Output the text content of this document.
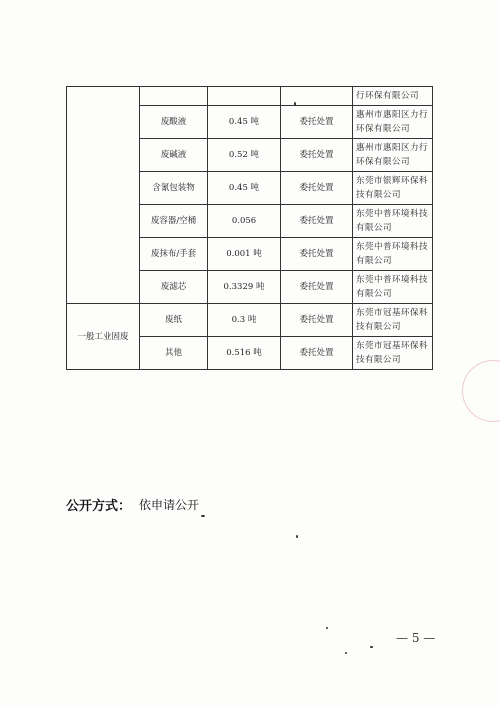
				行环保有限公司
	废酸液	0.45 吨	委托处置	惠州市惠阳区力行环保有限公司
	废碱液	0.52 吨	委托处置	惠州市惠阳区力行环保有限公司
	含氰包装物	0.45 吨	委托处置	东莞市银辉环保科技有限公司
	废容器/空桶	0.056	委托处置	东莞中普环境科技有限公司
	废抹布/手套	0.001 吨	委托处置	东莞中普环境科技有限公司
	废滤芯	0.3329 吨	委托处置	东莞中普环境科技有限公司
一般工业固废	废纸	0.3 吨	委托处置	东莞市冠基环保科技有限公司
	其他	0.516 吨	委托处置	东莞市冠基环保科技有限公司
公开方式： 依申请公开
— 5 —
